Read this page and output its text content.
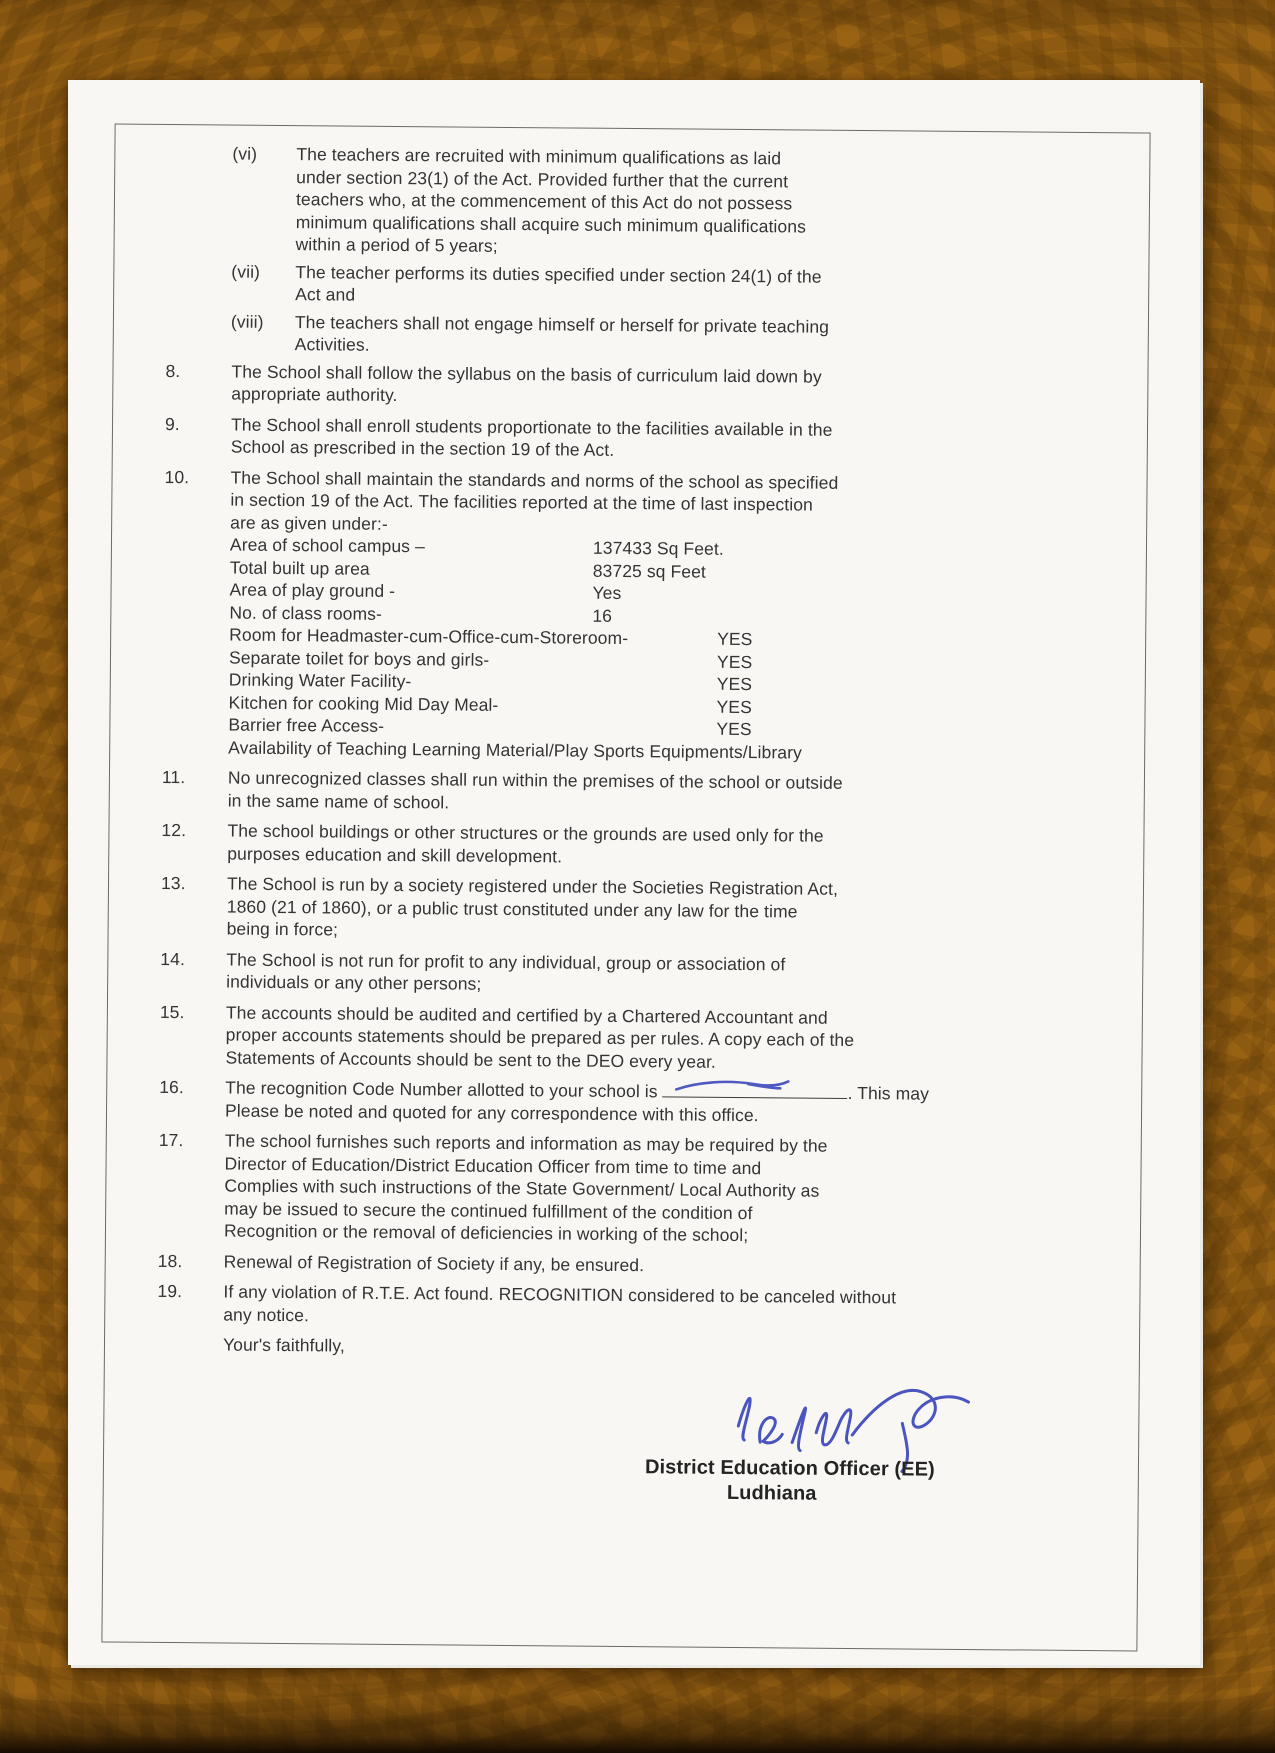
(vi)	The teachers are recruited with minimum qualifications as laid
under section 23(1) of the Act. Provided further that the current
teachers who, at the commencement of this Act do not possess
minimum qualifications shall acquire such minimum qualifications
within a period of 5 years;
(vii)	The teacher performs its duties specified under section 24(1) of the
Act and
(viii)	The teachers shall not engage himself or herself for private teaching
Activities.
8.	The School shall follow the syllabus on the basis of curriculum laid down by
appropriate authority.
9.	The School shall enroll students proportionate to the facilities available in the
School as prescribed in the section 19 of the Act.
10.	The School shall maintain the standards and norms of the school as specified
in section 19 of the Act. The facilities reported at the time of last inspection
are as given under:-
Area of school campus –	137433 Sq Feet.
Total built up area	83725 sq Feet
Area of play ground -	Yes
No. of class rooms-	16
Room for Headmaster-cum-Office-cum-Storeroom-	YES
Separate toilet for boys and girls-	YES
Drinking Water Facility-	YES
Kitchen for cooking Mid Day Meal-	YES
Barrier free Access-	YES
Availability of Teaching Learning Material/Play Sports Equipments/Library
11.	No unrecognized classes shall run within the premises of the school or outside
in the same name of school.
12.	The school buildings or other structures or the grounds are used only for the
purposes education and skill development.
13.	The School is run by a society registered under the Societies Registration Act,
1860 (21 of 1860), or a public trust constituted under any law for the time
being in force;
14.	The School is not run for profit to any individual, group or association of
individuals or any other persons;
15.	The accounts should be audited and certified by a Chartered Accountant and
proper accounts statements should be prepared as per rules. A copy each of the
Statements of Accounts should be sent to the DEO every year.
16.	The recognition Code Number allotted to your school is	. This may
Please be noted and quoted for any correspondence with this office.
17.	The school furnishes such reports and information as may be required by the
Director of Education/District Education Officer from time to time and
Complies with such instructions of the State Government/ Local Authority as
may be issued to secure the continued fulfillment of the condition of
Recognition or the removal of deficiencies in working of the school;
18.	Renewal of Registration of Society if any, be ensured.
19.	If any violation of R.T.E. Act found. RECOGNITION considered to be canceled without
any notice.
Your's faithfully,
District Education Officer (EE)
Ludhiana
